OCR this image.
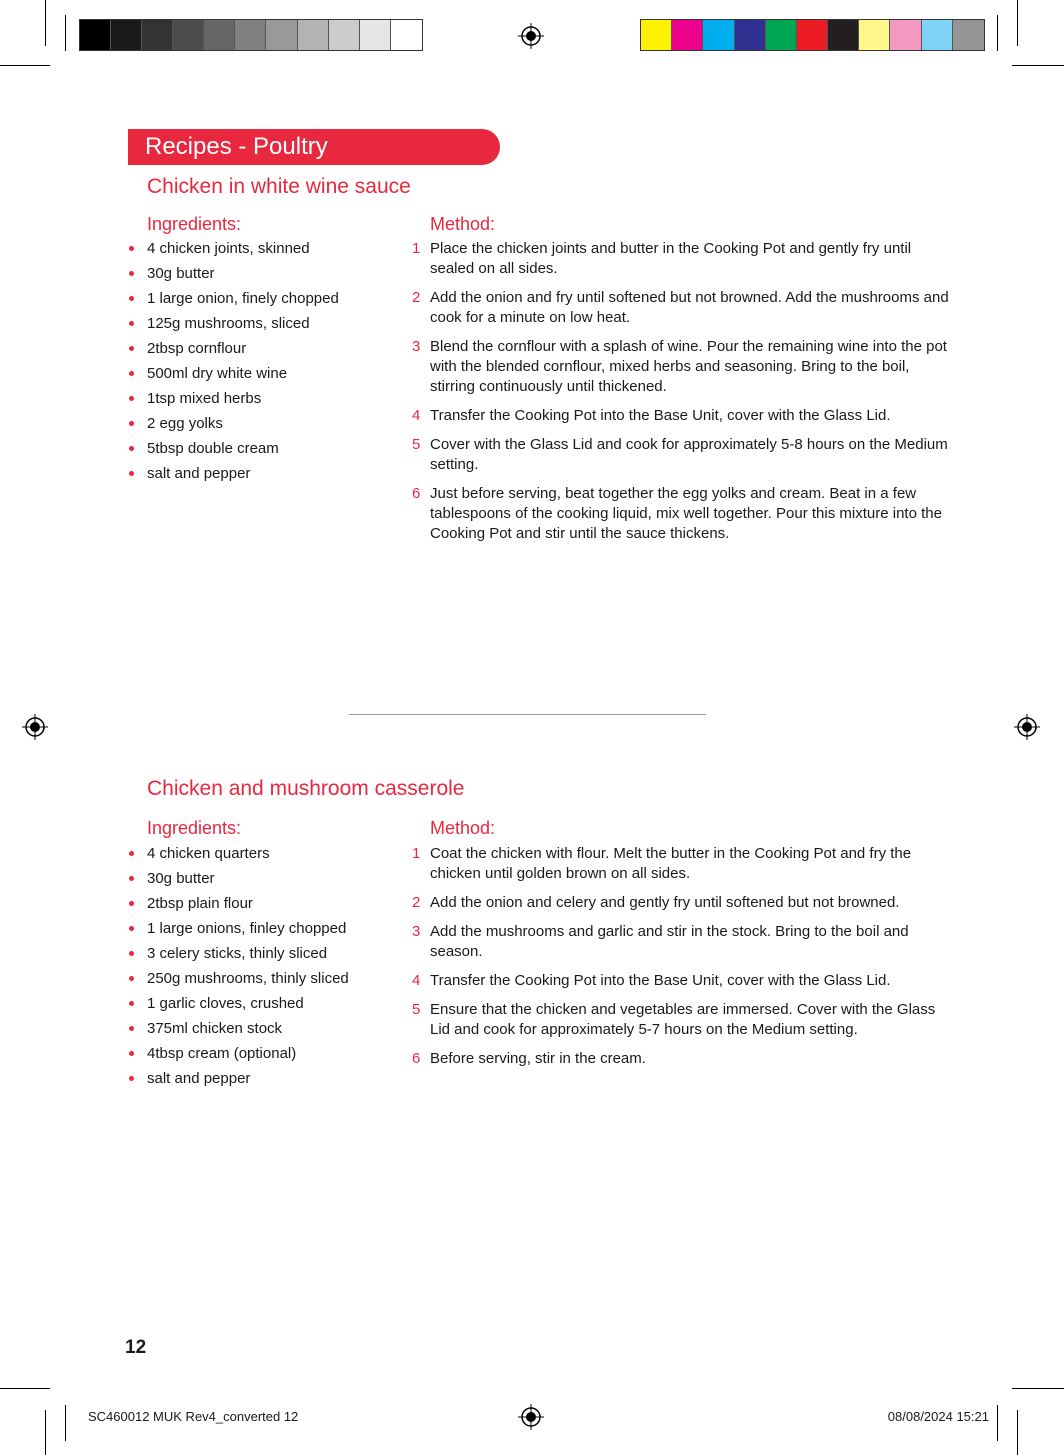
Recipes - Poultry
Chicken in white wine sauce
Ingredients:	Method:
4 chicken joints, skinned
30g butter
1 large onion, finely chopped
125g mushrooms, sliced
2tbsp cornflour
500ml dry white wine
1tsp mixed herbs
2 egg yolks
5tbsp double cream
salt and pepper
1 Place the chicken joints and butter in the Cooking Pot and gently fry until sealed on all sides.
2 Add the onion and fry until softened but not browned. Add the mushrooms and cook for a minute on low heat.
3 Blend the cornflour with a splash of wine. Pour the remaining wine into the pot with the blended cornflour, mixed herbs and seasoning. Bring to the boil, stirring continuously until thickened.
4 Transfer the Cooking Pot into the Base Unit, cover with the Glass Lid.
5 Cover with the Glass Lid and cook for approximately 5-8 hours on the Medium setting.
6 Just before serving, beat together the egg yolks and cream. Beat in a few tablespoons of the cooking liquid, mix well together. Pour this mixture into the Cooking Pot and stir until the sauce thickens.
Chicken and mushroom casserole
Ingredients:	Method:
4 chicken quarters
30g butter
2tbsp plain flour
1 large onions, finley chopped
3 celery sticks, thinly sliced
250g mushrooms, thinly sliced
1 garlic cloves, crushed
375ml chicken stock
4tbsp cream (optional)
salt and pepper
1 Coat the chicken with flour. Melt the butter in the Cooking Pot and fry the chicken until golden brown on all sides.
2 Add the onion and celery and gently fry until softened but not browned.
3 Add the mushrooms and garlic and stir in the stock. Bring to the boil and season.
4 Transfer the Cooking Pot into the Base Unit, cover with the Glass Lid.
5 Ensure that the chicken and vegetables are immersed. Cover with the Glass Lid and cook for approximately 5-7 hours on the Medium setting.
6 Before serving, stir in the cream.
12
SC460012 MUK Rev4_converted 12	08/08/2024 15:21
